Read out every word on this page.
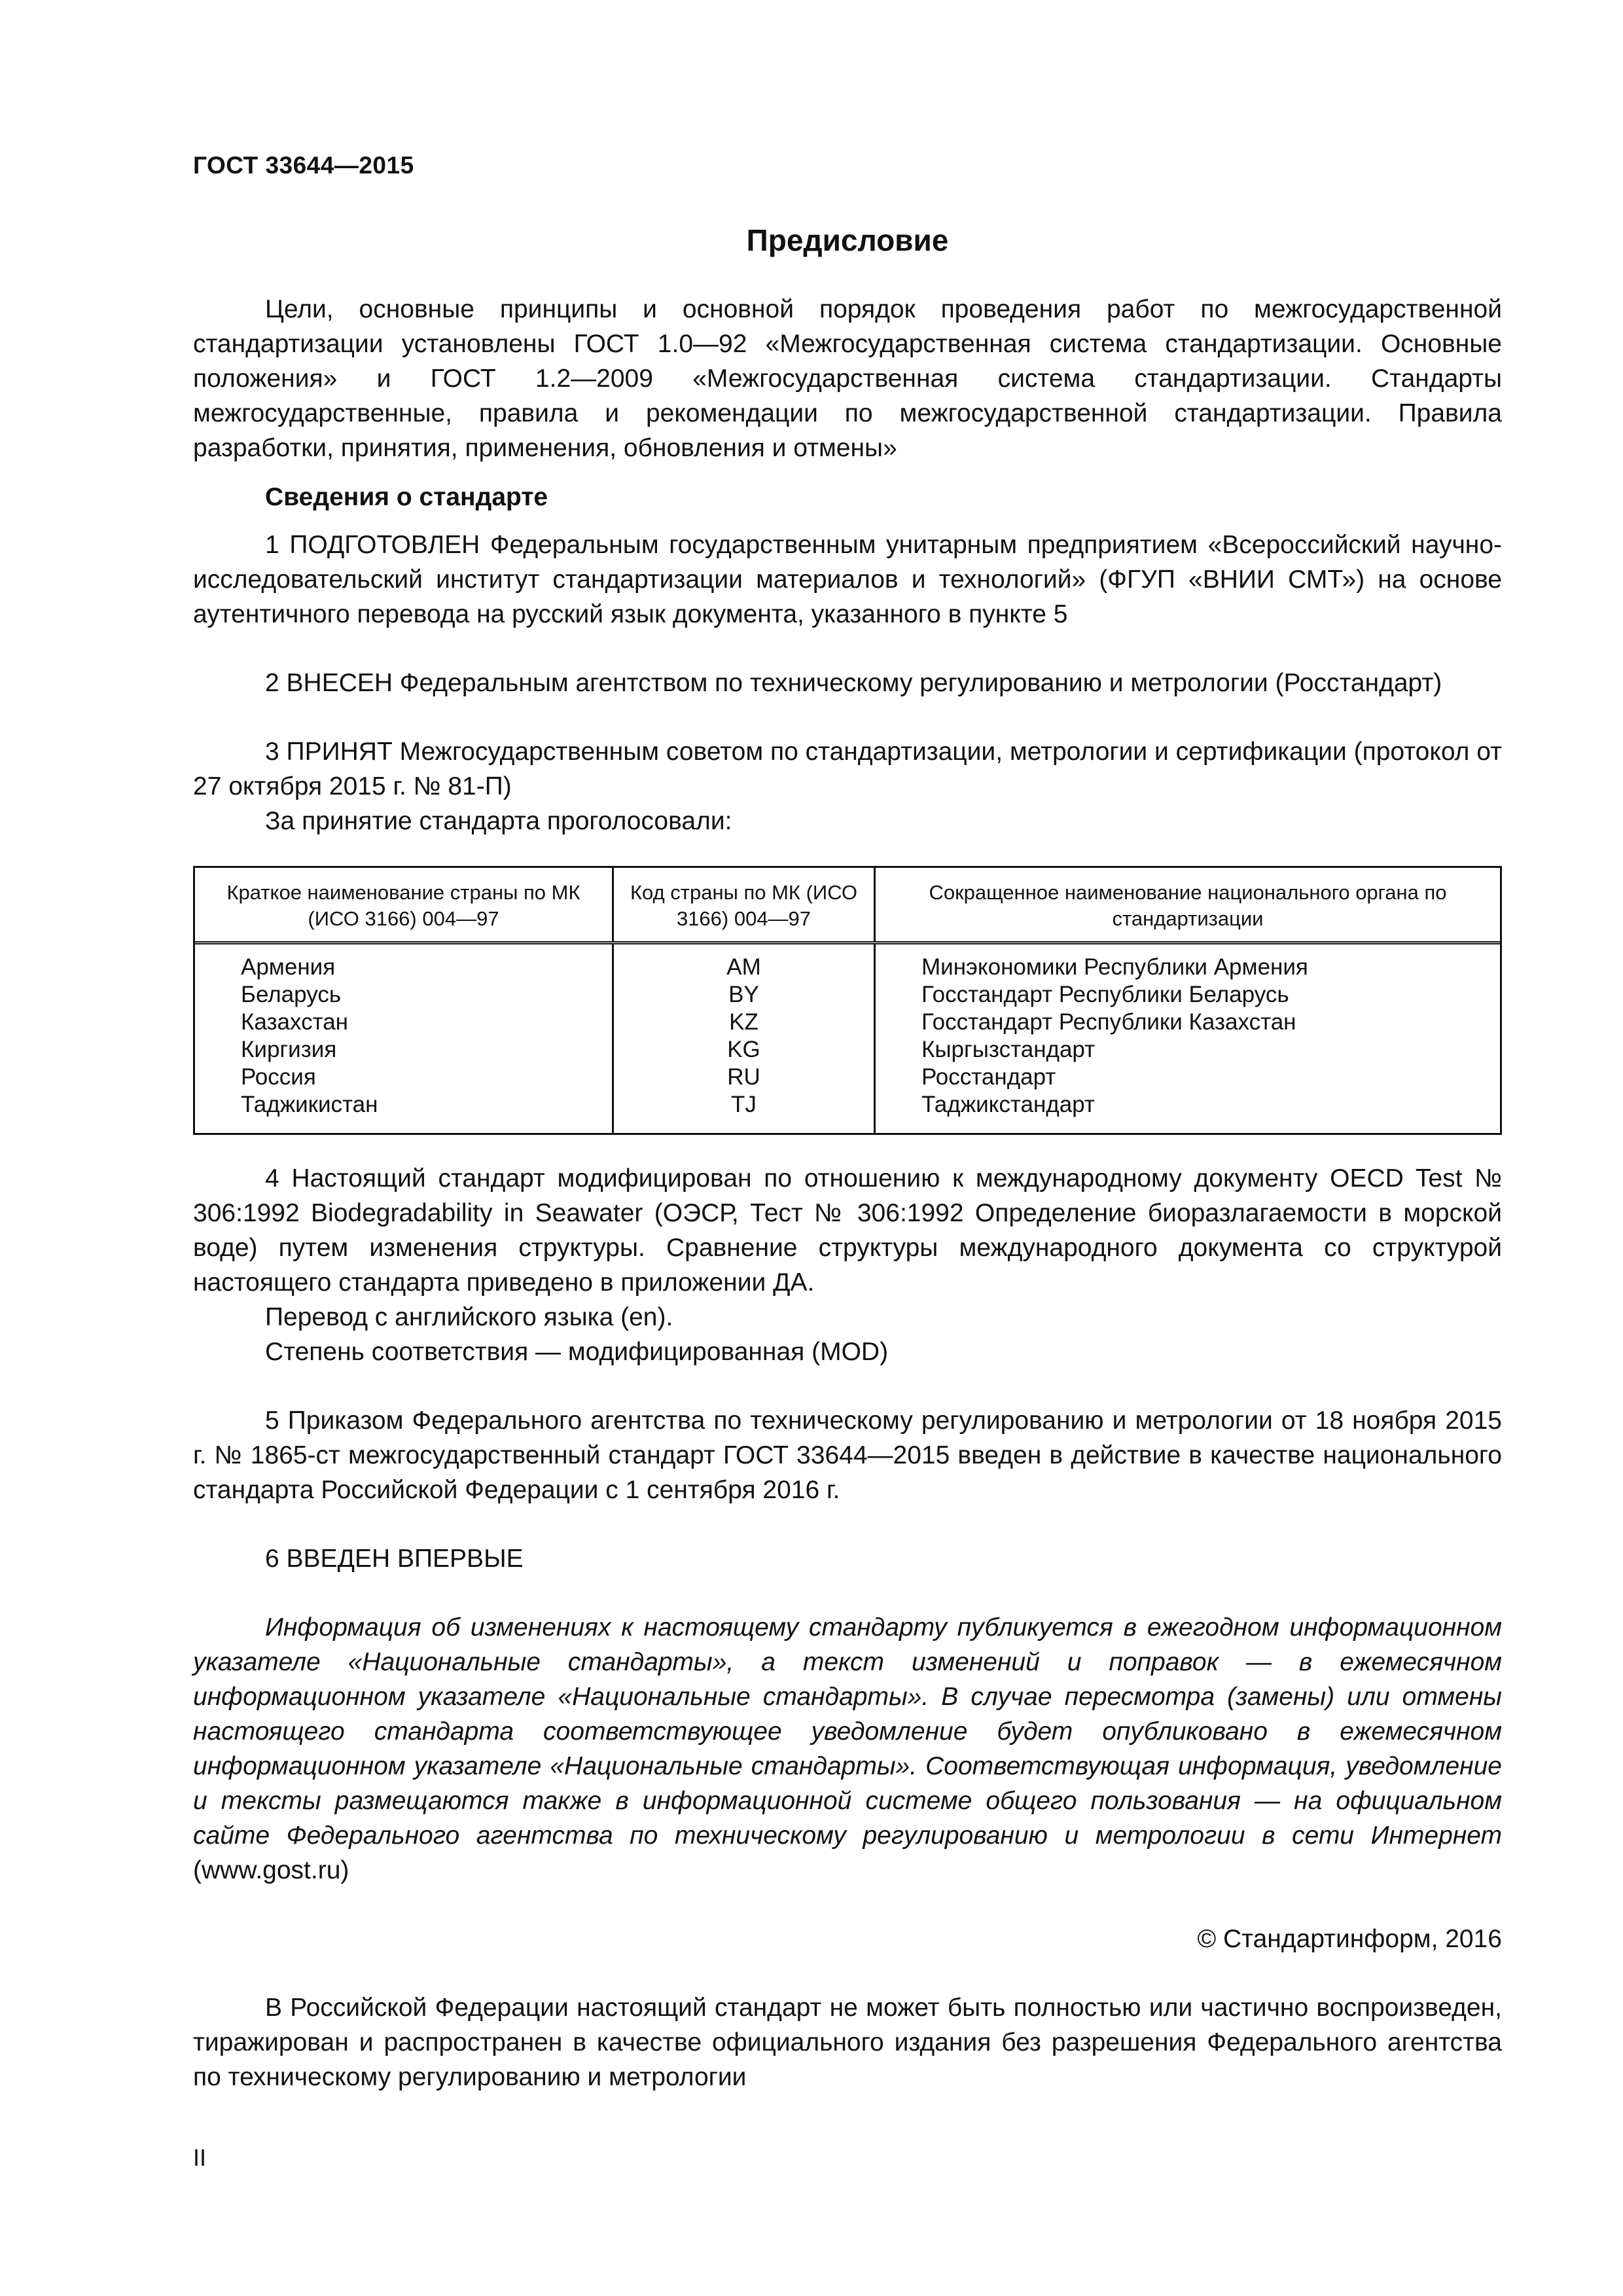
ГОСТ 33644—2015
Предисловие

Цели, основные принципы и основной порядок проведения работ по межгосударственной стандартизации установлены ГОСТ 1.0—92 «Межгосударственная система стандартизации. Основные положения» и ГОСТ 1.2—2009 «Межгосударственная система стандартизации. Стандарты межгосударственные, правила и рекомендации по межгосударственной стандартизации. Правила разработки, принятия, применения, обновления и отмены»

Сведения о стандарте

1 ПОДГОТОВЛЕН Федеральным государственным унитарным предприятием «Всероссийский научно-исследовательский институт стандартизации материалов и технологий» (ФГУП «ВНИИ СМТ») на основе аутентичного перевода на русский язык документа, указанного в пункте 5

2 ВНЕСЕН Федеральным агентством по техническому регулированию и метрологии (Росстандарт)

3 ПРИНЯТ Межгосударственным советом по стандартизации, метрологии и сертификации (протокол от 27 октября 2015 г. № 81-П)

За принятие стандарта проголосовали:

Краткое наименование страны по МК (ИСО 3166) 004—97
Код страны по МК (ИСО 3166) 004—97
Сокращенное наименование национального органа по стандартизации
Армения
Беларусь
Казахстан
Киргизия
Россия
Таджикистан
AM
BY
KZ
KG
RU
TJ
Минэкономики Республики Армения
Госстандарт Республики Беларусь
Госстандарт Республики Казахстан
Кыргызстандарт
Росстандарт
Таджикстандарт

4 Настоящий стандарт модифицирован по отношению к международному документу OECD Test № 306:1992 Biodegradability in Seawater (ОЭСР, Тест № 306:1992 Определение биоразлагаемости в морской воде) путем изменения структуры. Сравнение структуры международного документа со структурой настоящего стандарта приведено в приложении ДА.

Перевод с английского языка (en).

Степень соответствия — модифицированная (MOD)

5 Приказом Федерального агентства по техническому регулированию и метрологии от 18 ноября 2015 г. № 1865-ст межгосударственный стандарт ГОСТ 33644—2015 введен в действие в качестве национального стандарта Российской Федерации с 1 сентября 2016 г.

6 ВВЕДЕН ВПЕРВЫЕ

Информация об изменениях к настоящему стандарту публикуется в ежегодном информационном указателе «Национальные стандарты», а текст изменений и поправок — в ежемесячном информационном указателе «Национальные стандарты». В случае пересмотра (замены) или отмены настоящего стандарта соответствующее уведомление будет опубликовано в ежемесячном информационном указателе «Национальные стандарты». Соответствующая информация, уведомление и тексты размещаются также в информационной системе общего пользования — на официальном сайте Федерального агентства по техническому регулированию и метрологии в сети Интернет (www.gost.ru)

© Стандартинформ, 2016

В Российской Федерации настоящий стандарт не может быть полностью или частично воспроизведен, тиражирован и распространен в качестве официального издания без разрешения Федерального агентства по техническому регулированию и метрологии

II
